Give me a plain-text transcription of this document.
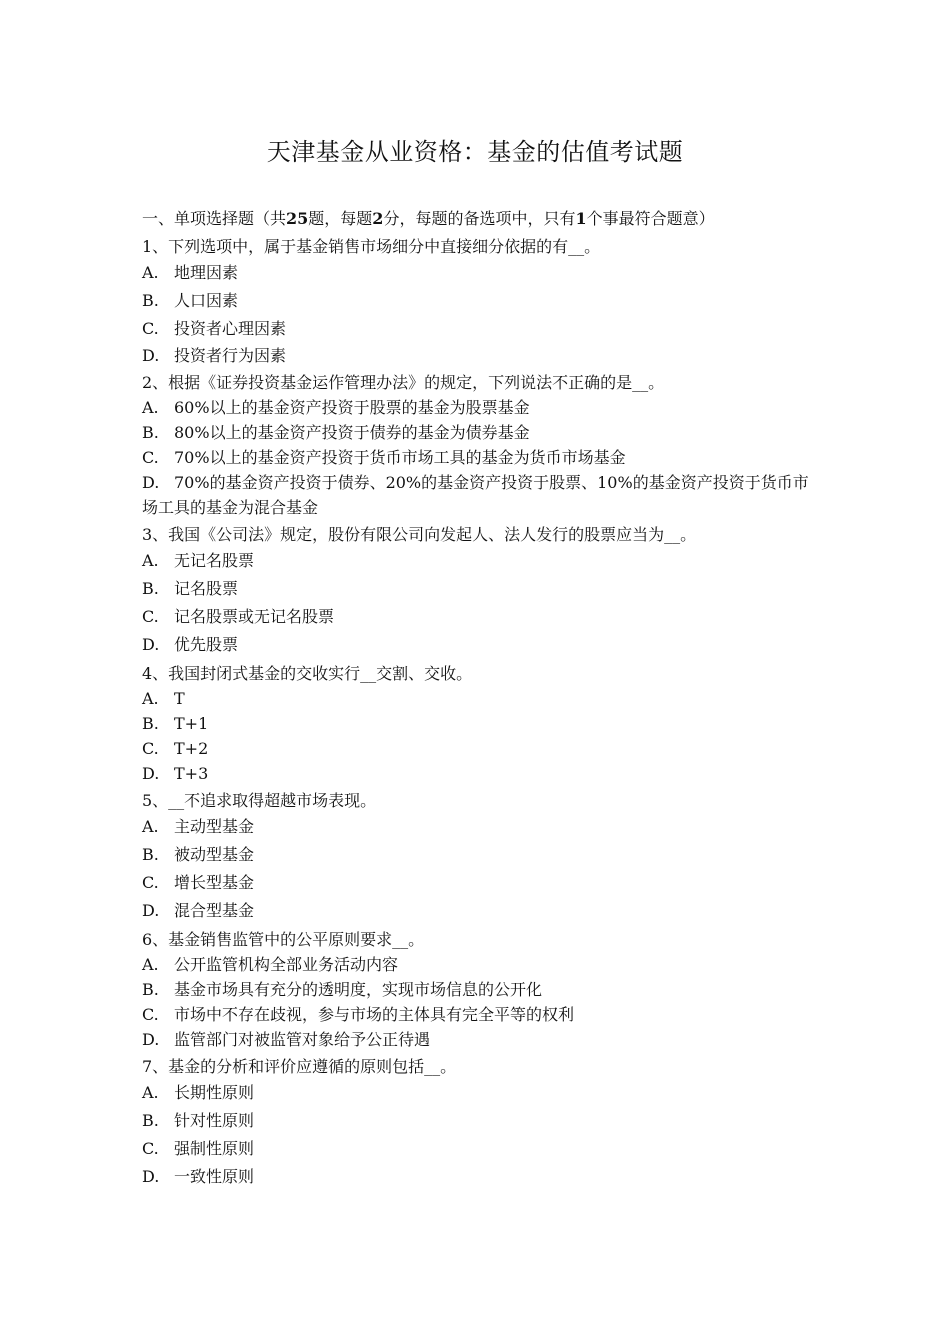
天津基金从业资格：基金的估值考试题
一、单项选择题（共25题，每题2分，每题的备选项中，只有1个事最符合题意）
1、下列选项中，属于基金销售市场细分中直接细分依据的有__。
A. 地理因素
B. 人口因素
C. 投资者心理因素
D. 投资者行为因素
2、根据《证券投资基金运作管理办法》的规定，下列说法不正确的是__。
A. 60%以上的基金资产投资于股票的基金为股票基金
B. 80%以上的基金资产投资于债券的基金为债券基金
C. 70%以上的基金资产投资于货币市场工具的基金为货币市场基金
D. 70%的基金资产投资于债券、20%的基金资产投资于股票、10%的基金资产投资于货币市场工具的基金为混合基金
3、我国《公司法》规定，股份有限公司向发起人、法人发行的股票应当为__。
A. 无记名股票
B. 记名股票
C. 记名股票或无记名股票
D. 优先股票
4、我国封闭式基金的交收实行__交割、交收。
A. T
B. T+1
C. T+2
D. T+3
5、__不追求取得超越市场表现。
A. 主动型基金
B. 被动型基金
C. 增长型基金
D. 混合型基金
6、基金销售监管中的公平原则要求__。
A. 公开监管机构全部业务活动内容
B. 基金市场具有充分的透明度，实现市场信息的公开化
C. 市场中不存在歧视，参与市场的主体具有完全平等的权利
D. 监管部门对被监管对象给予公正待遇
7、基金的分析和评价应遵循的原则包括__。
A. 长期性原则
B. 针对性原则
C. 强制性原则
D. 一致性原则
